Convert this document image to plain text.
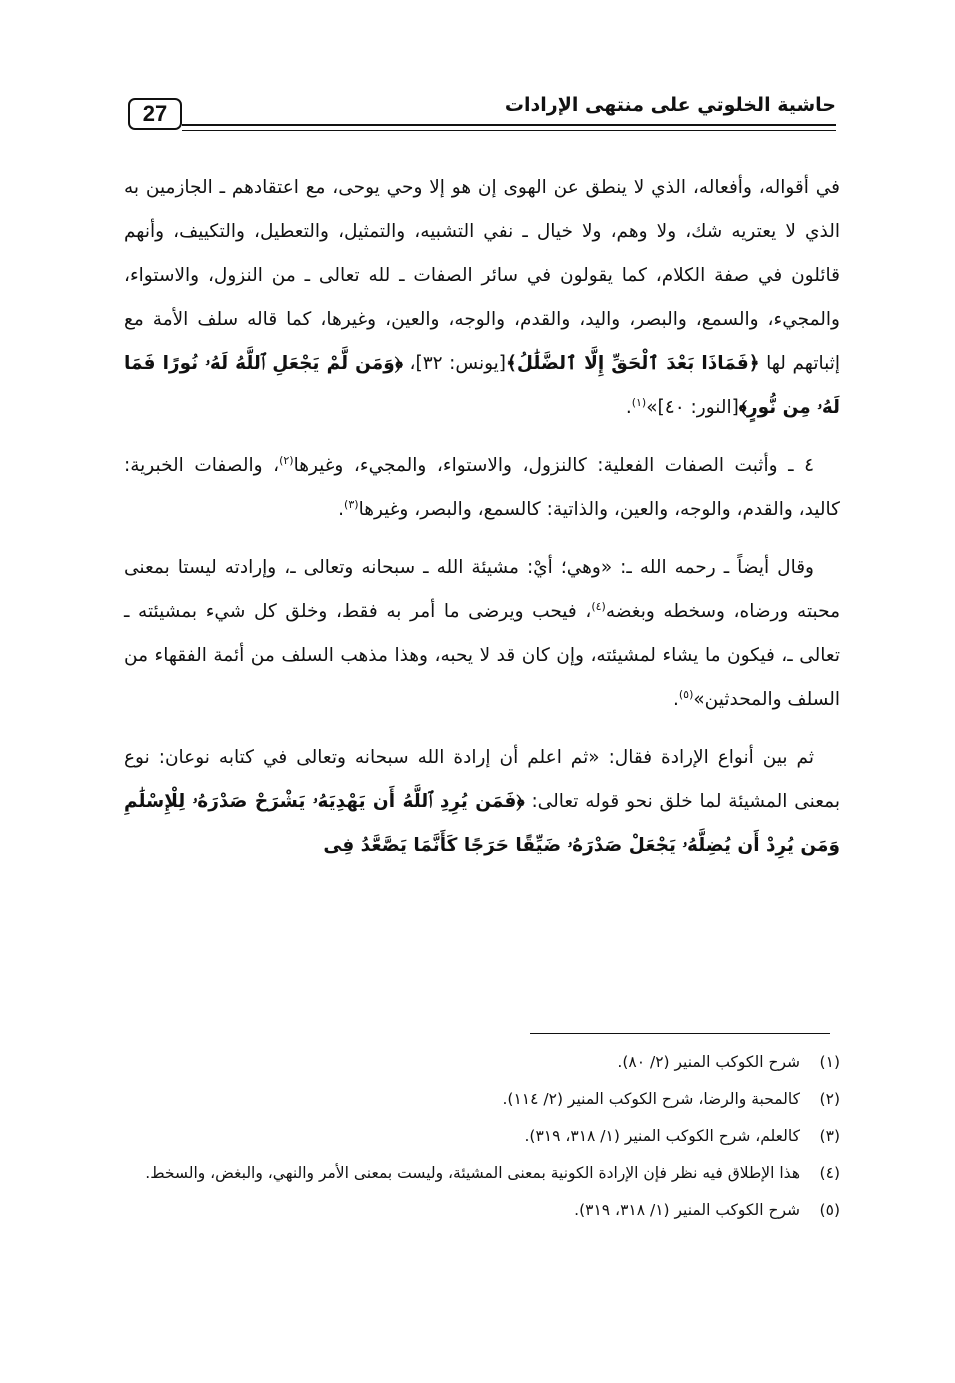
27	حاشية الخلوتي على منتهى الإرادات

في أقواله، وأفعاله، الذي لا ينطق عن الهوى إن هو إلا وحي يوحى، مع اعتقادهم ـ الجازمين به الذي لا يعتريه شك، ولا وهم، ولا خيال ـ نفي التشبيه، والتمثيل، والتعطيل، والتكييف، وأنهم قائلون في صفة الكلام، كما يقولون في سائر الصفات ـ لله تعالى ـ من النزول، والاستواء، والمجيء، والسمع، والبصر، واليد، والقدم، والوجه، والعين، وغيرها، كما قاله سلف الأمة مع إثباتهم لها ﴿فَمَاذَا بَعْدَ ٱلْحَقِّ إِلَّا ٱلضَّلَٰلُ﴾[يونس: ٣٢]، ﴿وَمَن لَّمْ يَجْعَلِ ٱللَّهُ لَهُۥ نُورًا فَمَا لَهُۥ مِن نُّورٍ﴾[النور: ٤٠]»$^{(١)}$.

٤ ـ وأثبت الصفات الفعلية: كالنزول، والاستواء، والمجيء، وغيرها$^{(٢)}$، والصفات الخبرية: كاليد، والقدم، والوجه، والعين، والذاتية: كالسمع، والبصر، وغيرها$^{(٣)}$.

وقال أيضاً ـ رحمه الله ـ: «وهي؛ أيْ: مشيئة الله ـ سبحانه وتعالى ـ، وإرادته ليستا بمعنى محبته ورضاه، وسخطه وبغضه$^{(٤)}$، فيحب ويرضى ما أمر به فقط، وخلق كل شيء بمشيئته ـ تعالى ـ، فيكون ما يشاء لمشيئته، وإن كان قد لا يحبه، وهذا مذهب السلف من أئمة الفقهاء من السلف والمحدثين»$^{(٥)}$.

ثم بين أنواع الإرادة فقال: «ثم اعلم أن إرادة الله سبحانه وتعالى في كتابه نوعان: نوع بمعنى المشيئة لما خلق نحو قوله تعالى: ﴿فَمَن يُرِدِ ٱللَّهُ أَن يَهْدِيَهُۥ يَشْرَحْ صَدْرَهُۥ لِلْإِسْلَٰمِ وَمَن يُرِدْ أَن يُضِلَّهُۥ يَجْعَلْ صَدْرَهُۥ ضَيِّقًا حَرَجًا كَأَنَّمَا يَصَّعَّدُ فِى

(١)
شرح الكوكب المنير (٢/ ٨٠).
(٢)
كالمحبة والرضا، شرح الكوكب المنير (٢/ ١١٤).
(٣)
كالعلم، شرح الكوكب المنير (١/ ٣١٨، ٣١٩).
(٤)
هذا الإطلاق فيه نظر فإن الإرادة الكونية بمعنى المشيئة، وليست بمعنى الأمر والنهي، والبغض، والسخط.
(٥)
شرح الكوكب المنير (١/ ٣١٨، ٣١٩).
